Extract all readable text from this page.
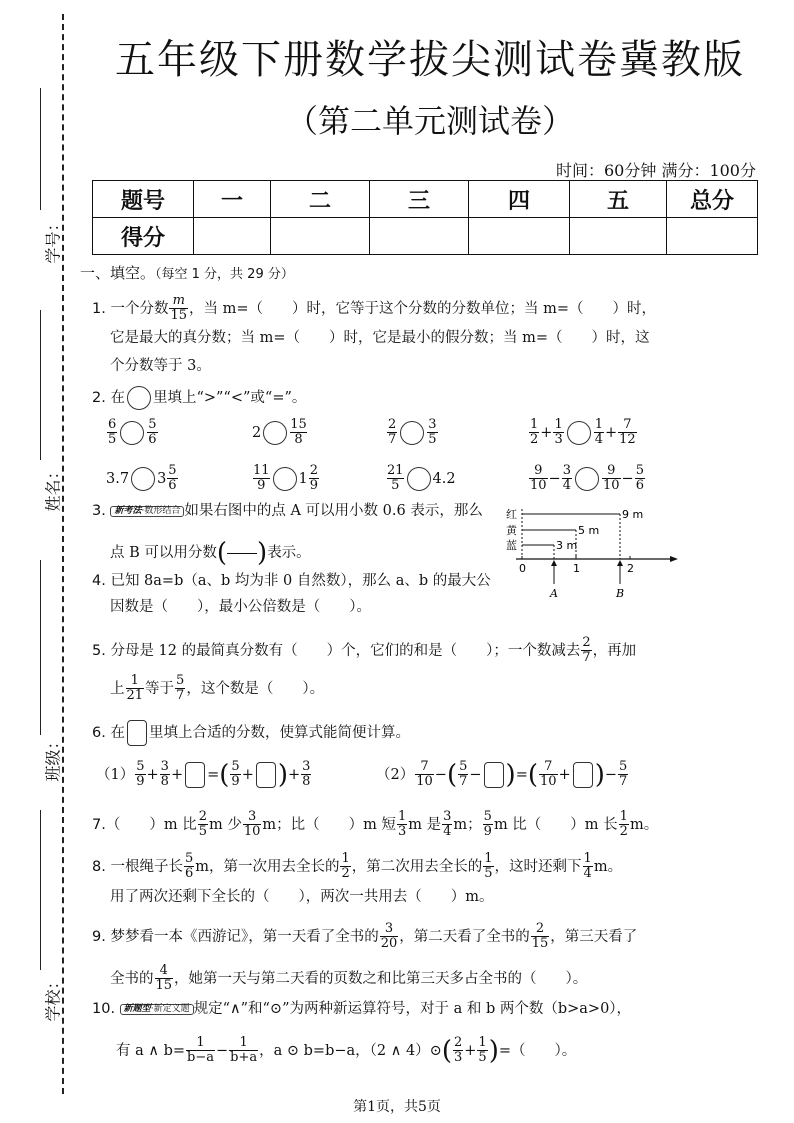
学号：
姓名：
班级：
学校：
五年级下册数学拔尖测试卷冀教版
（第二单元测试卷）
时间：60分钟 满分：100分
题号	一	二	三	四	五	总分
得分						
一、填空。（每空 1 分，共 29 分）
1. 一个分数 $\frac{m}{15}$ ，当 m=（　　）时，它等于这个分数的分数单位；当 m=（　　）时，
它是最大的真分数；当 m=（　　）时，它是最小的假分数；当 m=（　　）时，这
个分数等于 3。
2. 在 里填上“>”“<”或“=”。
$\frac{6}{5} \frac{5}{6}$	$2 \frac{15}{8}$	$\frac{2}{7} \frac{3}{5}$	$\frac{1}{2} + \frac{1}{3} \frac{1}{4} + \frac{7}{12}$
3.7 $3 \frac{5}{6}$	$\frac{11}{9} 1 \frac{2}{9}$	$\frac{21}{5} 4.2$	$\frac{9}{10} - \frac{3}{4} \frac{9}{10} - \frac{5}{6}$
3. 新考法·数形结合 如果右图中的点 A 可以用小数 0.6 表示，那么
点 B 可以用分数( )表示。
红
黄
蓝
9 m
5 m
3 m
0	1	2
A	B
4. 已知 8a=b（a、b 均为非 0 自然数），那么 a、b 的最大公
因数是（　　），最小公倍数是（　　）。
5. 分母是 12 的最简真分数有（　　）个，它们的和是（　　）；一个数减去 $\frac{2}{7}$ ，再加
上 $\frac{1}{21}$ 等于 $\frac{5}{7}$ ，这个数是（　　）。
6. 在 里填上合适的分数，使算式能简便计算。
$(1) \frac{5}{9} + \frac{3}{8}$ + =( $\frac{5}{9}$ + )+ $\frac{3}{8}$	$(2) \frac{7}{10}$ −( $\frac{5}{7}$ − )=( $\frac{7}{10}$ + )− $\frac{5}{7}$
7.（　　）m 比 $\frac{2}{5}$ m 少 $\frac{3}{10}$ m；比（　　）m 短 $\frac{1}{3}$ m 是 $\frac{3}{4}$ m； $\frac{5}{9}$ m 比（　　）m 长 $\frac{1}{2}$ m。
8. 一根绳子长 $\frac{5}{6}$ m，第一次用去全长的 $\frac{1}{2}$ ，第二次用去全长的 $\frac{1}{5}$ ，这时还剩下 $\frac{1}{4}$ m。
用了两次还剩下全长的（　　），两次一共用去（　　）m。
9. 梦梦看一本《西游记》，第一天看了全书的 $\frac{3}{20}$ ，第二天看了全书的 $\frac{2}{15}$ ，第三天看了
全书的 $\frac{4}{15}$ ，她第一天与第二天看的页数之和比第三天多占全书的（　　）。
10. 新题型·新定义题 规定“∧”和“⊙”为两种新运算符号，对于 a 和 b 两个数（b>a>0），
有 a ∧ $b= \frac{1}{b-a} - \frac{1}{b+a}$ ，a ⊙ b=b−a，（2 ∧ 4）⊙( $\frac{2}{3} + \frac{1}{5}$ )=（　　）。
第1页，共5页
